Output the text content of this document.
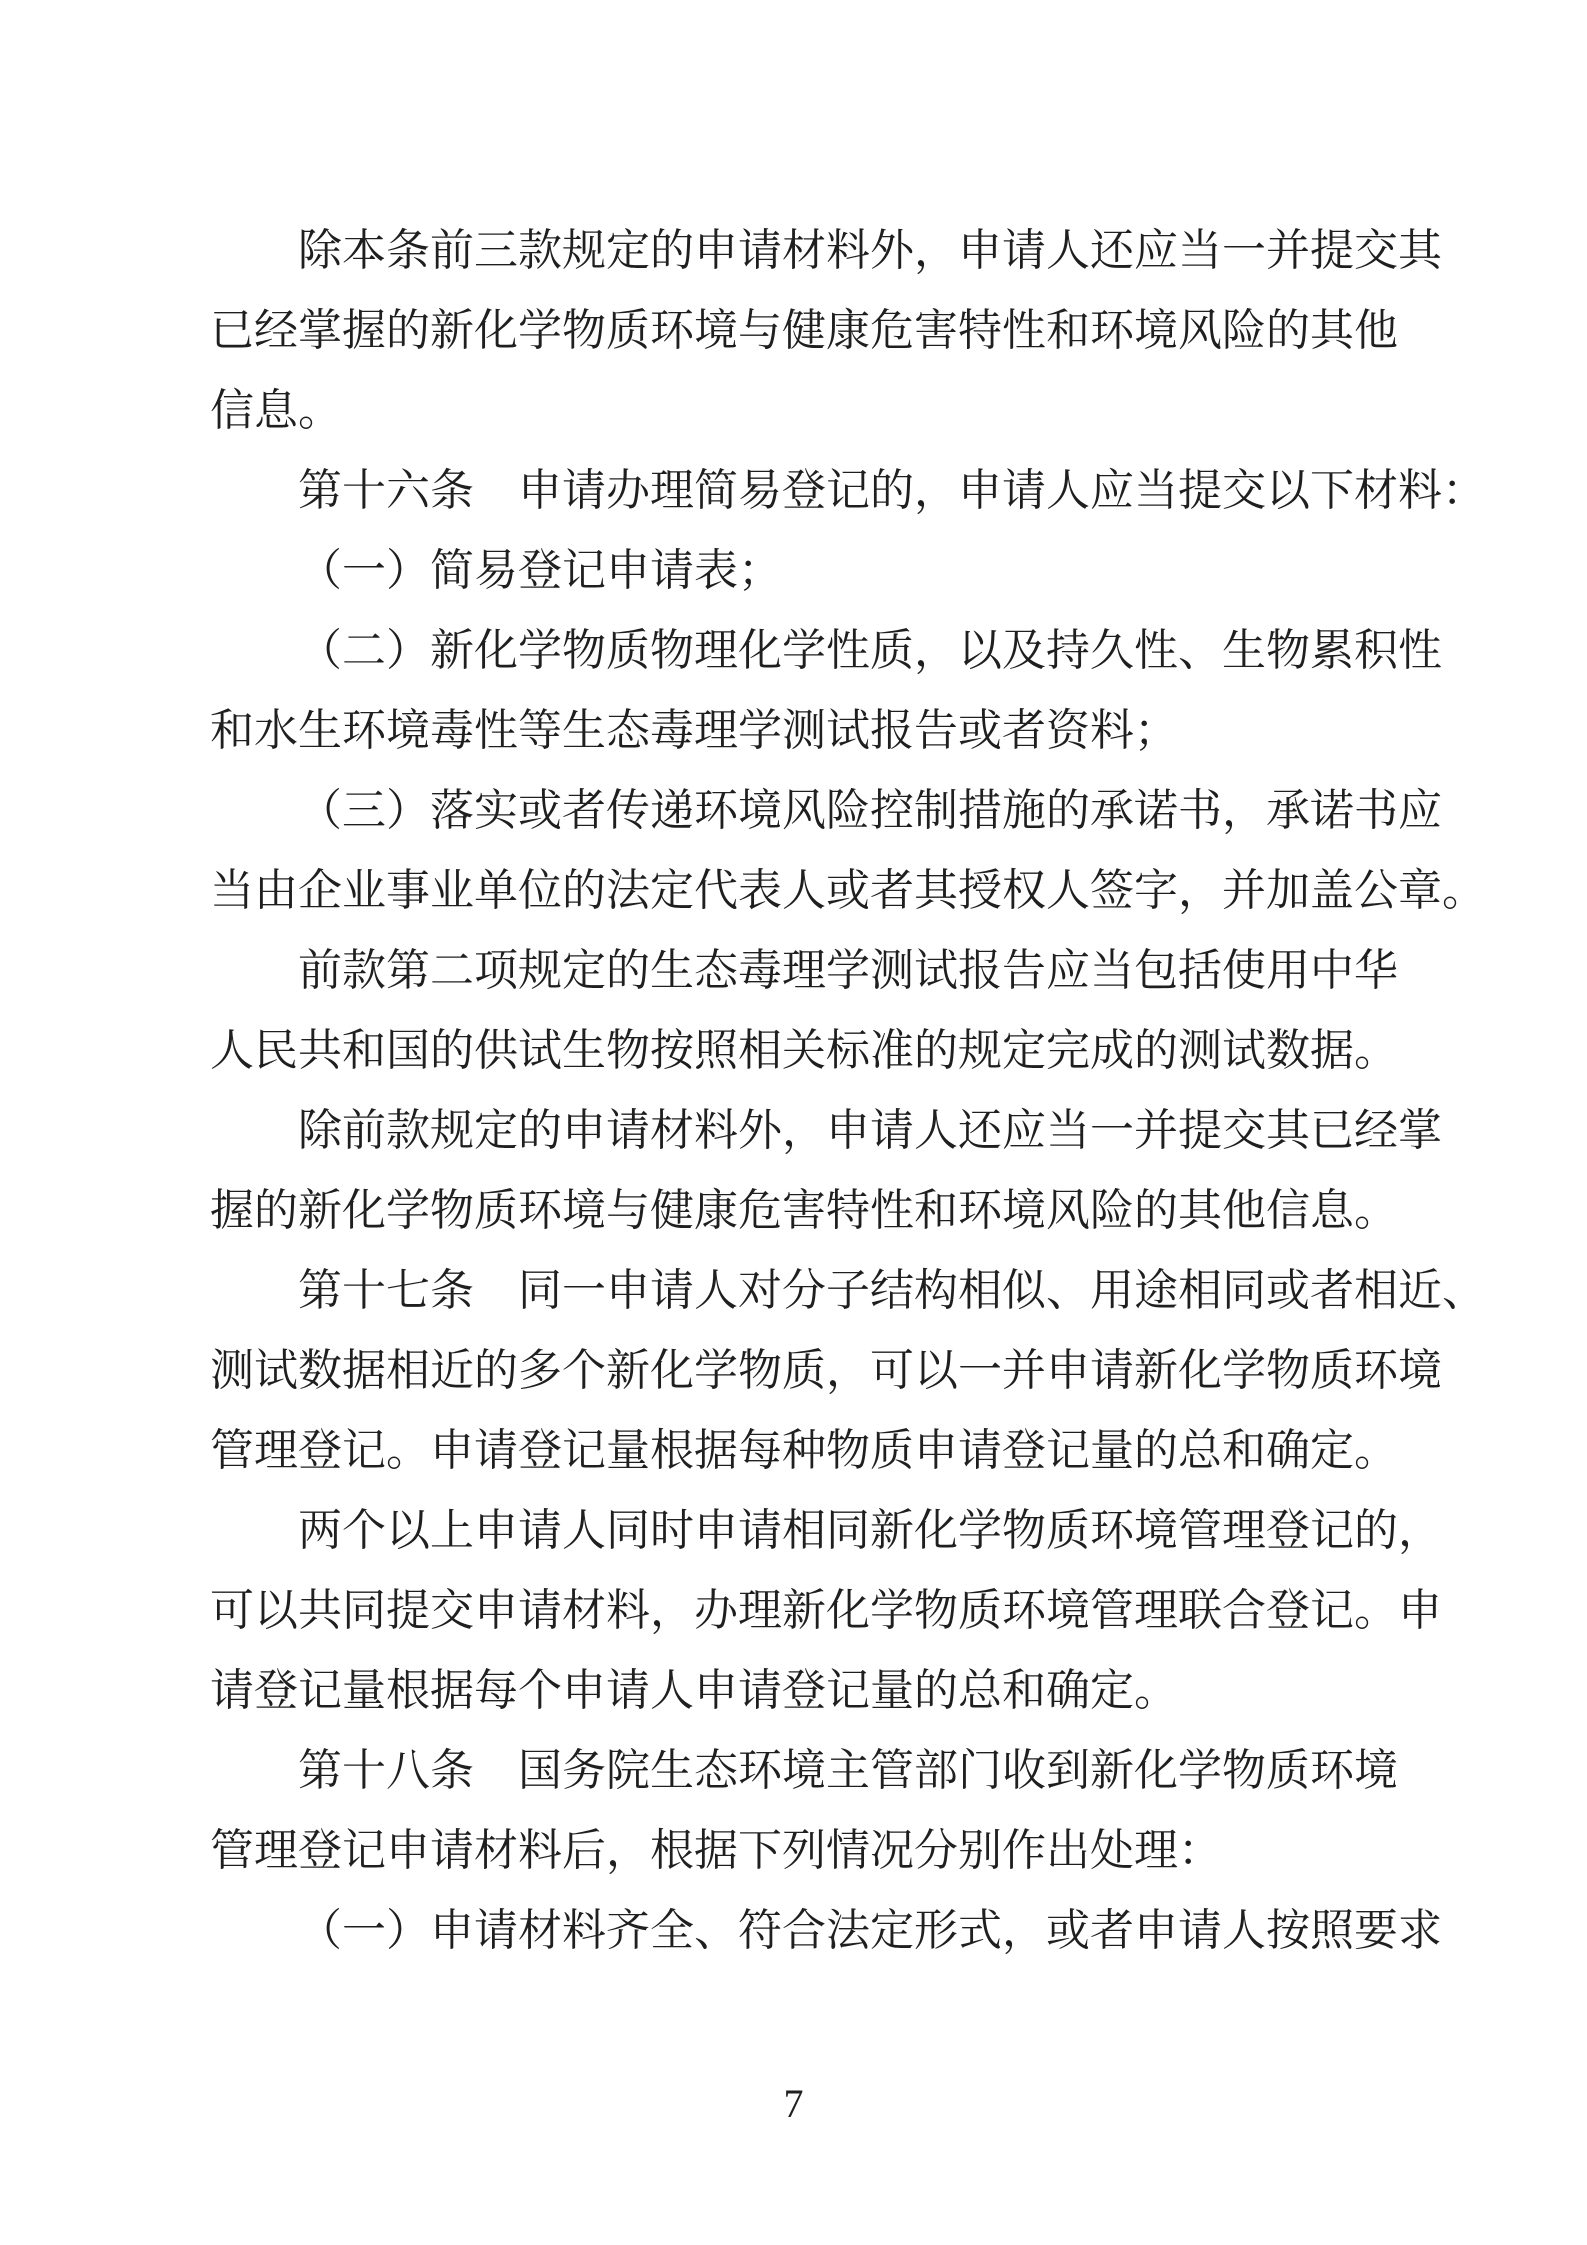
除本条前三款规定的申请材料外，申请人还应当一并提交其
已经掌握的新化学物质环境与健康危害特性和环境风险的其他
信息。
第十六条　申请办理简易登记的，申请人应当提交以下材料：
（一）简易登记申请表；
（二）新化学物质物理化学性质，以及持久性、生物累积性
和水生环境毒性等生态毒理学测试报告或者资料；
（三）落实或者传递环境风险控制措施的承诺书，承诺书应
当由企业事业单位的法定代表人或者其授权人签字，并加盖公章。
前款第二项规定的生态毒理学测试报告应当包括使用中华
人民共和国的供试生物按照相关标准的规定完成的测试数据。
除前款规定的申请材料外，申请人还应当一并提交其已经掌
握的新化学物质环境与健康危害特性和环境风险的其他信息。
第十七条　同一申请人对分子结构相似、用途相同或者相近、
测试数据相近的多个新化学物质，可以一并申请新化学物质环境
管理登记。申请登记量根据每种物质申请登记量的总和确定。
两个以上申请人同时申请相同新化学物质环境管理登记的，
可以共同提交申请材料，办理新化学物质环境管理联合登记。申
请登记量根据每个申请人申请登记量的总和确定。
第十八条　国务院生态环境主管部门收到新化学物质环境
管理登记申请材料后，根据下列情况分别作出处理：
（一）申请材料齐全、符合法定形式，或者申请人按照要求
7
